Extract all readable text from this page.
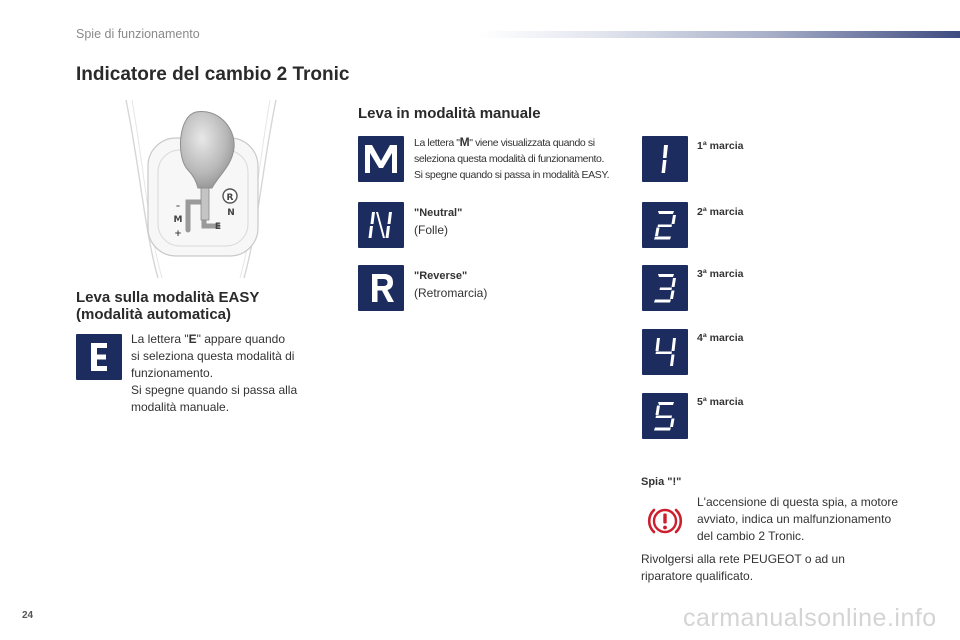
Spie di funzionamento
Indicatore del cambio 2 Tronic
R
N
E
–
M
+
Leva sulla modalità EASY
(modalità automatica)
La lettera "E" appare quando
si seleziona questa modalità di
funzionamento.
Si spegne quando si passa alla
modalità manuale.
Leva in modalità manuale
La lettera "M" viene visualizzata quando si
seleziona questa modalità di funzionamento.
Si spegne quando si passa in modalità EASY.
"Neutral"
(Folle)
"Reverse"
(Retromarcia)
1ª marcia
2ª marcia
3ª marcia
4ª marcia
5ª marcia
Spia "!"
L'accensione di questa spia, a motore
avviato, indica un malfunzionamento
del cambio 2 Tronic.
Rivolgersi alla rete PEUGEOT o ad un
riparatore qualificato.
24	carmanualsonline.info
